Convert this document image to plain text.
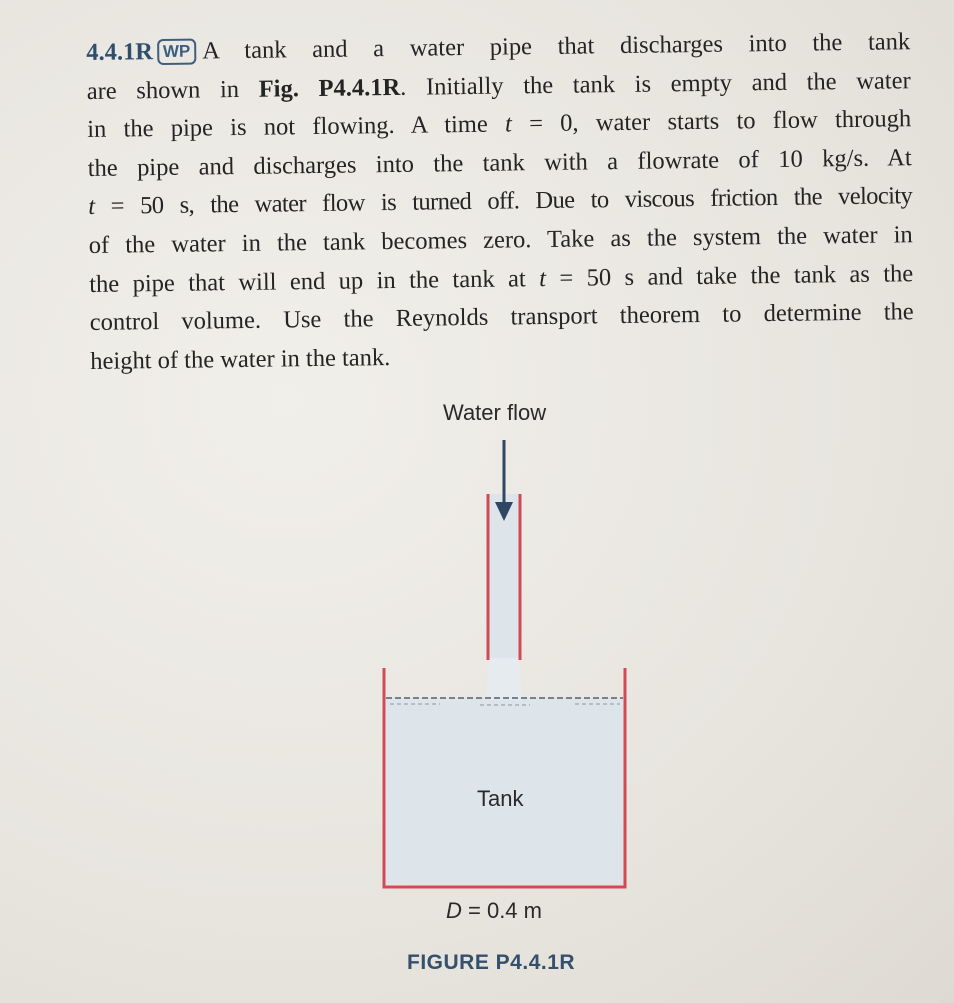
4.4.1R WP A tank and a water pipe that discharges into the tank
are shown in Fig. P4.4.1R. Initially the tank is empty and the water
in the pipe is not flowing. A time t = 0, water starts to flow through
the pipe and discharges into the tank with a flowrate of 10 kg/s. At
t = 50 s, the water flow is turned off. Due to viscous friction the velocity
of the water in the tank becomes zero. Take as the system the water in
the pipe that will end up in the tank at t = 50 s and take the tank as the
control volume. Use the Reynolds transport theorem to determine the
height of the water in the tank.
Water flow
Tank
D = 0.4 m
FIGURE P4.4.1R
